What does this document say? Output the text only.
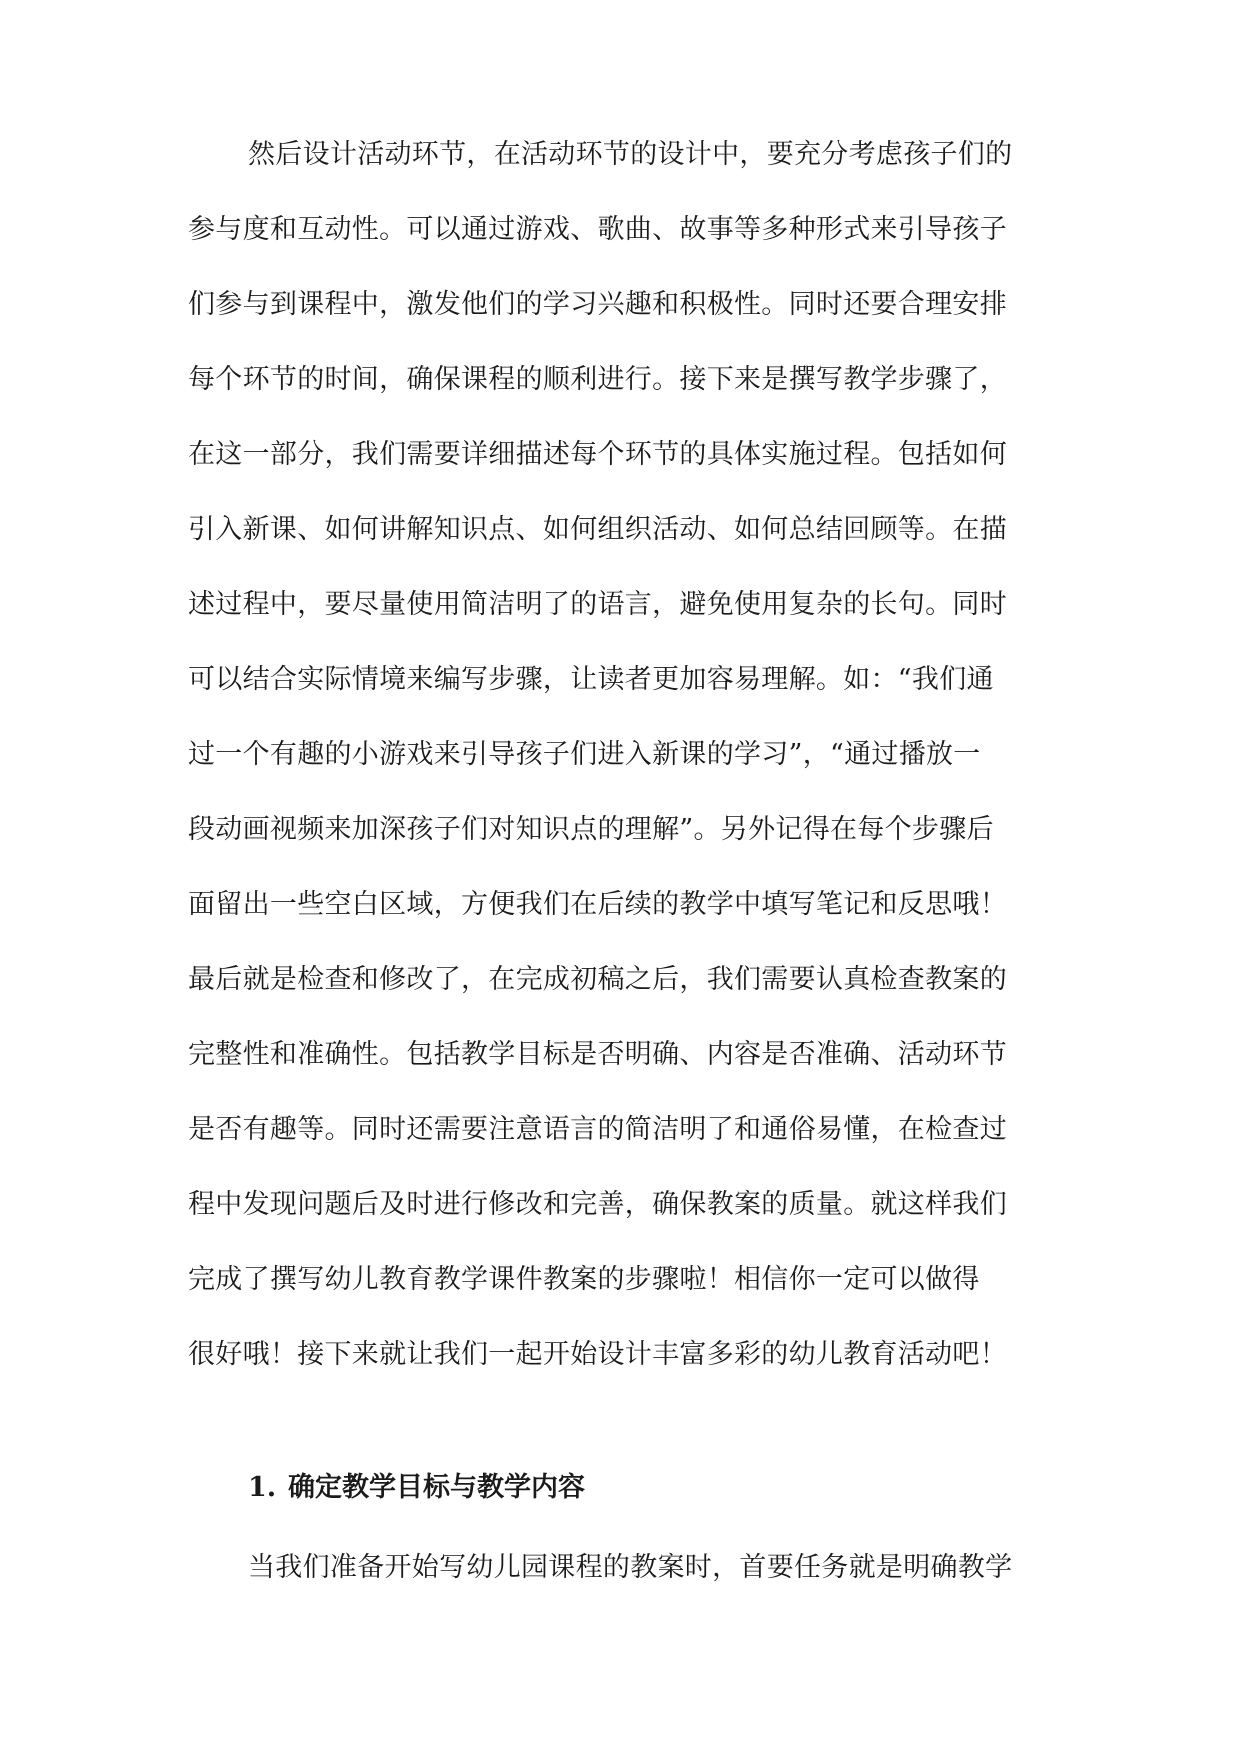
然后设计活动环节，在活动环节的设计中，要充分考虑孩子们的
参与度和互动性。可以通过游戏、歌曲、故事等多种形式来引导孩子
们参与到课程中，激发他们的学习兴趣和积极性。同时还要合理安排
每个环节的时间，确保课程的顺利进行。接下来是撰写教学步骤了，
在这一部分，我们需要详细描述每个环节的具体实施过程。包括如何
引入新课、如何讲解知识点、如何组织活动、如何总结回顾等。在描
述过程中，要尽量使用简洁明了的语言，避免使用复杂的长句。同时
可以结合实际情境来编写步骤，让读者更加容易理解。如：“我们通
过一个有趣的小游戏来引导孩子们进入新课的学习”，“通过播放一
段动画视频来加深孩子们对知识点的理解”。另外记得在每个步骤后
面留出一些空白区域，方便我们在后续的教学中填写笔记和反思哦！
最后就是检查和修改了，在完成初稿之后，我们需要认真检查教案的
完整性和准确性。包括教学目标是否明确、内容是否准确、活动环节
是否有趣等。同时还需要注意语言的简洁明了和通俗易懂，在检查过
程中发现问题后及时进行修改和完善，确保教案的质量。就这样我们
完成了撰写幼儿教育教学课件教案的步骤啦！相信你一定可以做得
很好哦！接下来就让我们一起开始设计丰富多彩的幼儿教育活动吧！
1. 确定教学目标与教学内容
当我们准备开始写幼儿园课程的教案时，首要任务就是明确教学
